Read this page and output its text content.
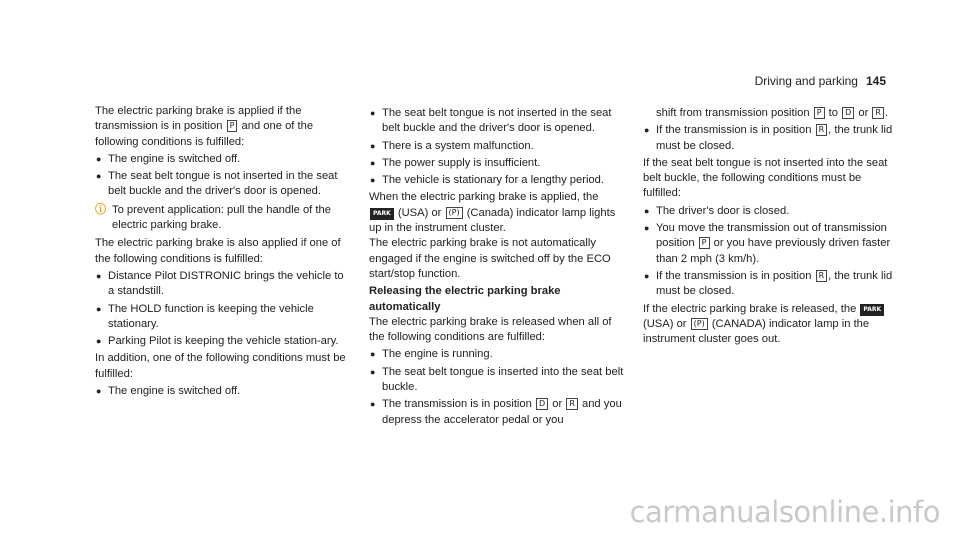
Driving and parking 145

The electric parking brake is applied if the transmission is in position P and one of the following conditions is fulfilled:

● The engine is switched off.
● The seat belt tongue is not inserted in the seat belt buckle and the driver's door is opened.
ⓘ To prevent application: pull the handle of the electric parking brake.

The electric parking brake is also applied if one of the following conditions is fulfilled:

● Distance Pilot DISTRONIC brings the vehicle to a standstill.
● The HOLD function is keeping the vehicle stationary.
● Parking Pilot is keeping the vehicle station-ary.

In addition, one of the following conditions must be fulfilled:

● The engine is switched off.
● The seat belt tongue is not inserted in the seat belt buckle and the driver's door is opened.
● There is a system malfunction.
● The power supply is insufficient.
● The vehicle is stationary for a lengthy period.

When the electric parking brake is applied, the PARK (USA) or (P) (Canada) indicator lamp lights up in the instrument cluster.

The electric parking brake is not automatically engaged if the engine is switched off by the ECO start/stop function.

Releasing the electric parking brake automatically

The electric parking brake is released when all of the following conditions are fulfilled:

● The engine is running.
● The seat belt tongue is inserted into the seat belt buckle.
● The transmission is in position D or R and you depress the accelerator pedal or you
shift from transmission position P to D or R .
● If the transmission is in position R , the trunk lid must be closed.

If the seat belt tongue is not inserted into the seat belt buckle, the following conditions must be fulfilled:

● The driver's door is closed.
● You move the transmission out of transmission position P or you have previously driven faster than 2 mph (3 km/h).
● If the transmission is in position R , the trunk lid must be closed.

If the electric parking brake is released, the PARK (USA) or (P) (CANADA) indicator lamp in the instrument cluster goes out.

carmanualsonline.info
